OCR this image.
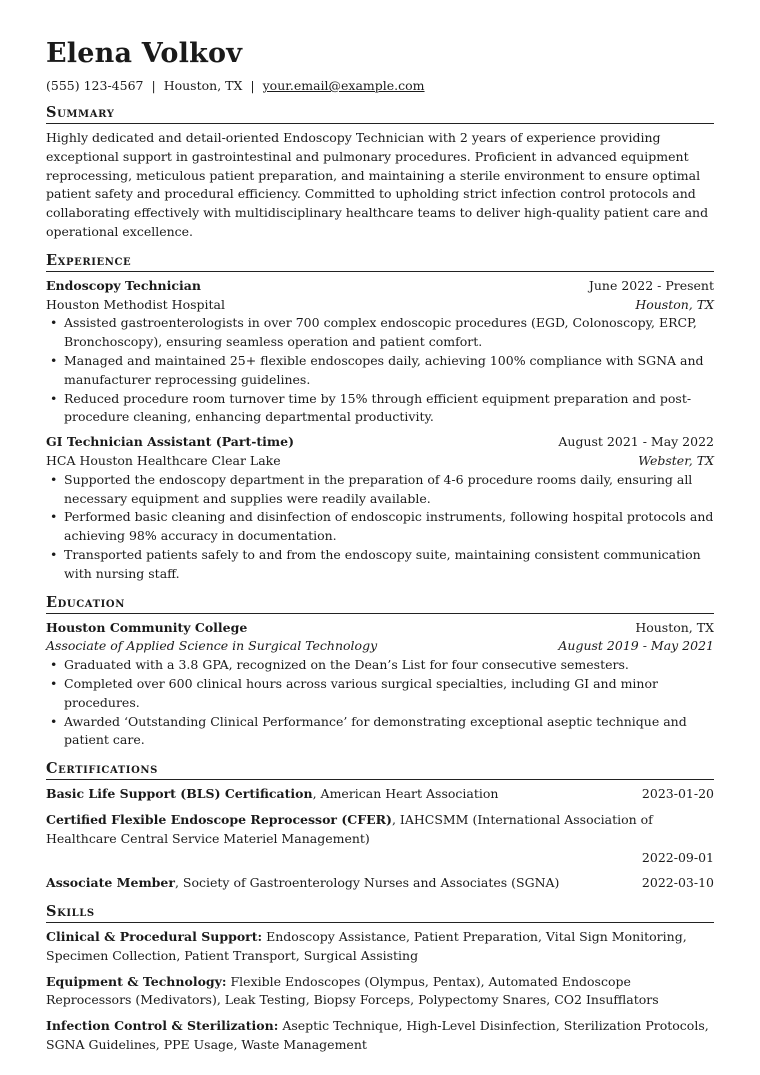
Elena Volkov
(555) 123-4567 | Houston, TX | your.email@example.com
Summary

Highly dedicated and detail-oriented Endoscopy Technician with 2 years of experience providing exceptional support in gastrointestinal and pulmonary procedures. Proficient in advanced equipment reprocessing, meticulous patient preparation, and maintaining a sterile environment to ensure optimal patient safety and procedural efficiency. Committed to upholding strict infection control protocols and collaborating effectively with multidisciplinary healthcare teams to deliver high-quality patient care and operational excellence.

Experience
Endoscopy Technician	June 2022 - Present
Houston Methodist Hospital	Houston, TX
• Assisted gastroenterologists in over 700 complex endoscopic procedures (EGD, Colonoscopy, ERCP, Bronchoscopy), ensuring seamless operation and patient comfort.
• Managed and maintained 25+ flexible endoscopes daily, achieving 100% compliance with SGNA and manufacturer reprocessing guidelines.
• Reduced procedure room turnover time by 15% through efficient equipment preparation and post-procedure cleaning, enhancing departmental productivity.
GI Technician Assistant (Part-time)	August 2021 - May 2022
HCA Houston Healthcare Clear Lake	Webster, TX
• Supported the endoscopy department in the preparation of 4-6 procedure rooms daily, ensuring all necessary equipment and supplies were readily available.
• Performed basic cleaning and disinfection of endoscopic instruments, following hospital protocols and achieving 98% accuracy in documentation.
• Transported patients safely to and from the endoscopy suite, maintaining consistent communication with nursing staff.
Education
Houston Community College	Houston, TX
Associate of Applied Science in Surgical Technology	August 2019 - May 2021
• Graduated with a 3.8 GPA, recognized on the Dean’s List for four consecutive semesters.
• Completed over 600 clinical hours across various surgical specialties, including GI and minor procedures.
• Awarded ‘Outstanding Clinical Performance’ for demonstrating exceptional aseptic technique and patient care.
Certifications
Basic Life Support (BLS) Certification, American Heart Association	2023-01-20
Certified Flexible Endoscope Reprocessor (CFER), IAHCSMM (International Association of Healthcare Central Service Materiel Management)
2022-09-01
Associate Member, Society of Gastroenterology Nurses and Associates (SGNA)	2022-03-10
Skills
Clinical & Procedural Support: Endoscopy Assistance, Patient Preparation, Vital Sign Monitoring, Specimen Collection, Patient Transport, Surgical Assisting
Equipment & Technology: Flexible Endoscopes (Olympus, Pentax), Automated Endoscope Reprocessors (Medivators), Leak Testing, Biopsy Forceps, Polypectomy Snares, CO2 Insufflators
Infection Control & Sterilization: Aseptic Technique, High-Level Disinfection, Sterilization Protocols, SGNA Guidelines, PPE Usage, Waste Management
